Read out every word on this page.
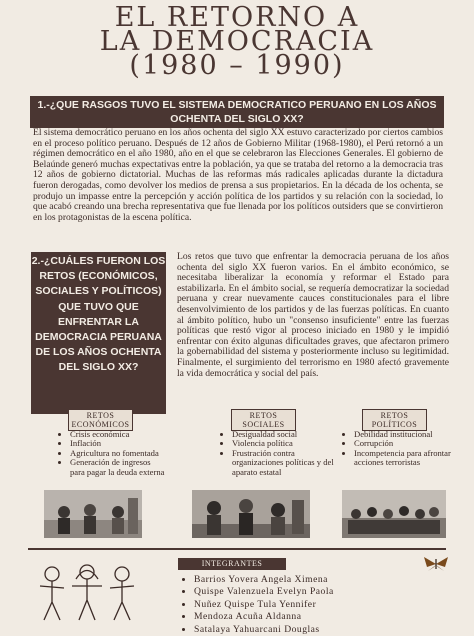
EL RETORNO A
LA DEMOCRACIA
(1980 – 1990)
1.-¿QUE RASGOS TUVO EL SISTEMA DEMOCRATICO PERUANO EN LOS AÑOS OCHENTA DEL SIGLO XX?
El sistema democrático peruano en los años ochenta del siglo XX estuvo caracterizado por ciertos cambios en el proceso político peruano. Después de 12 años de Gobierno Militar (1968-1980), el Perú retornó a un régimen democrático en el año 1980, año en el que se celebraron las Elecciones Generales. El gobierno de Belaúnde generó muchas expectativas entre la población, ya que se trataba del retorno a la democracia tras 12 años de gobierno dictatorial. Muchas de las reformas más radicales aplicadas durante la dictadura fueron derogadas, como devolver los medios de prensa a sus propietarios. En la década de los ochenta, se produjo un impasse entre la percepción y acción política de los partidos y su relación con la sociedad, lo que acabó creando una brecha representativa que fue llenada por los políticos outsiders que se convirtieron en los protagonistas de la escena política.
2.-¿CUÁLES FUERON LOS RETOS (ECONÓMICOS, SOCIALES Y POLÍTICOS) QUE TUVO QUE ENFRENTAR LA DEMOCRACIA PERUANA DE LOS AÑOS OCHENTA DEL SIGLO XX?
Los retos que tuvo que enfrentar la democracia peruana de los años ochenta del siglo XX fueron varios. En el ámbito económico, se necesitaba liberalizar la economía y reformar el Estado para estabilizarla. En el ámbito social, se requería democratizar la sociedad peruana y crear nuevamente cauces constitucionales para el libre desenvolvimiento de los partidos y de las fuerzas políticas. En cuanto al ámbito político, hubo un "consenso insuficiente" entre las fuerzas políticas que restó vigor al proceso iniciado en 1980 y le impidió enfrentar con éxito algunas dificultades graves, que afectaron primero la gobernabilidad del sistema y posteriormente incluso su legitimidad. Finalmente, el surgimiento del terrorismo en 1980 afectó gravemente la vida democrática y social del país.
RETOS
ECONÓMICOS
RETOS
SOCIALES
RETOS
POLÍTICOS
• Crisis económica
• Inflación
• Agricultura no fomentada
• Generación de ingresos para pagar la deuda externa
• Desigualdad social
• Violencia política
• Frustración contra organizaciones políticas y del aparato estatal
• Debilidad institucional
• Corrupción
• Incompetencia para afrontar acciones terroristas
INTEGRANTES
• Barrios Yovera Angela Ximena
• Quispe Valenzuela Evelyn Paola
• Nuñez Quispe Tula Yennifer
• Mendoza Acuña Aldanna
• Satalaya Yahuarcani Douglas
